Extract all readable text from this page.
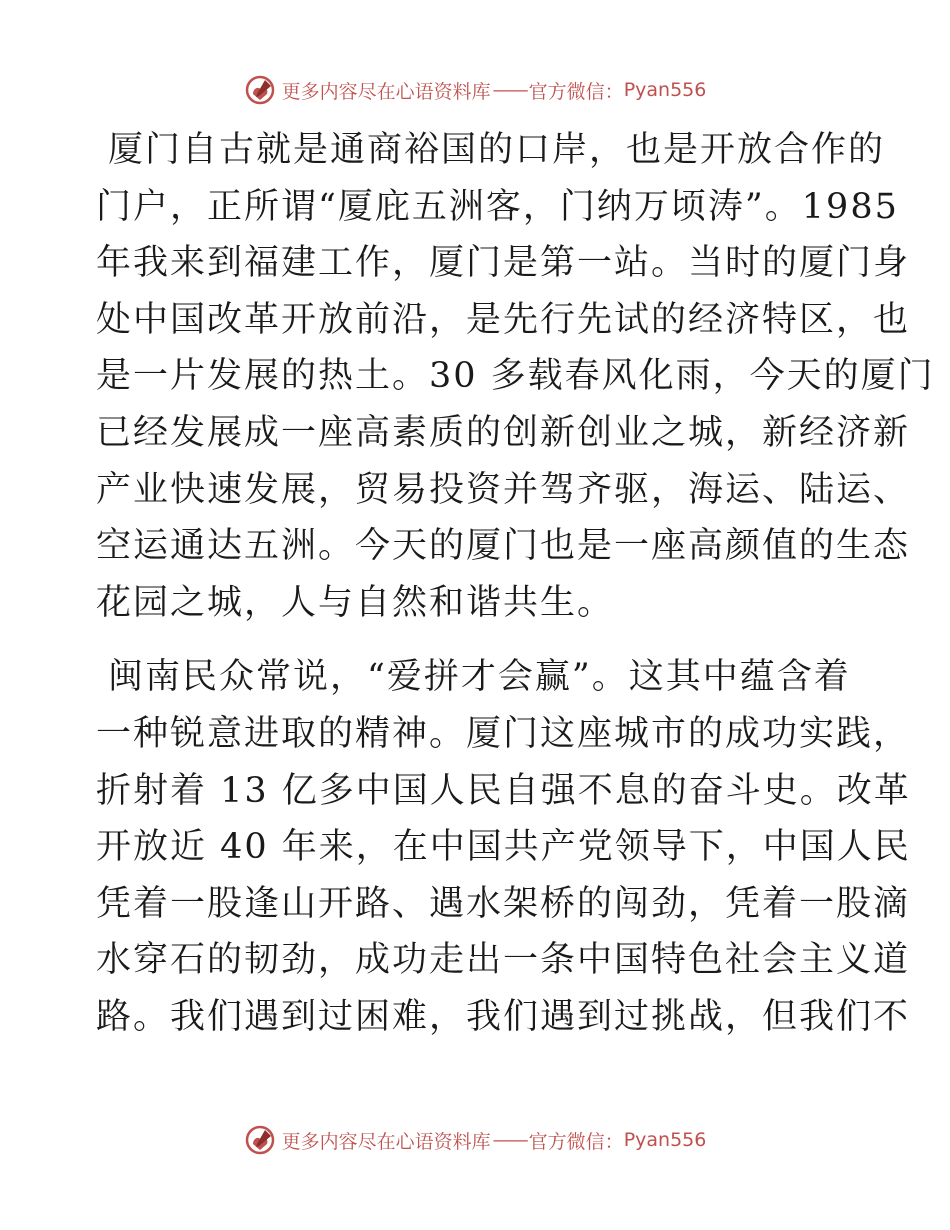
更多内容尽在心语资料库 —— 官方微信： Pyan556
厦门自古就是通商裕国的口岸，也是开放合作的
门户，正所谓“厦庇五洲客，门纳万顷涛”。1985
年我来到福建工作，厦门是第一站。当时的厦门身
处中国改革开放前沿，是先行先试的经济特区，也
是一片发展的热土。30 多载春风化雨，今天的厦门
已经发展成一座高素质的创新创业之城，新经济新
产业快速发展，贸易投资并驾齐驱，海运、陆运、
空运通达五洲。今天的厦门也是一座高颜值的生态
花园之城，人与自然和谐共生。
闽南民众常说，“爱拼才会赢”。这其中蕴含着
一种锐意进取的精神。厦门这座城市的成功实践，
折射着 13 亿多中国人民自强不息的奋斗史。改革
开放近 40 年来，在中国共产党领导下，中国人民
凭着一股逢山开路、遇水架桥的闯劲，凭着一股滴
水穿石的韧劲，成功走出一条中国特色社会主义道
路。我们遇到过困难，我们遇到过挑战，但我们不
更多内容尽在心语资料库 —— 官方微信： Pyan556
